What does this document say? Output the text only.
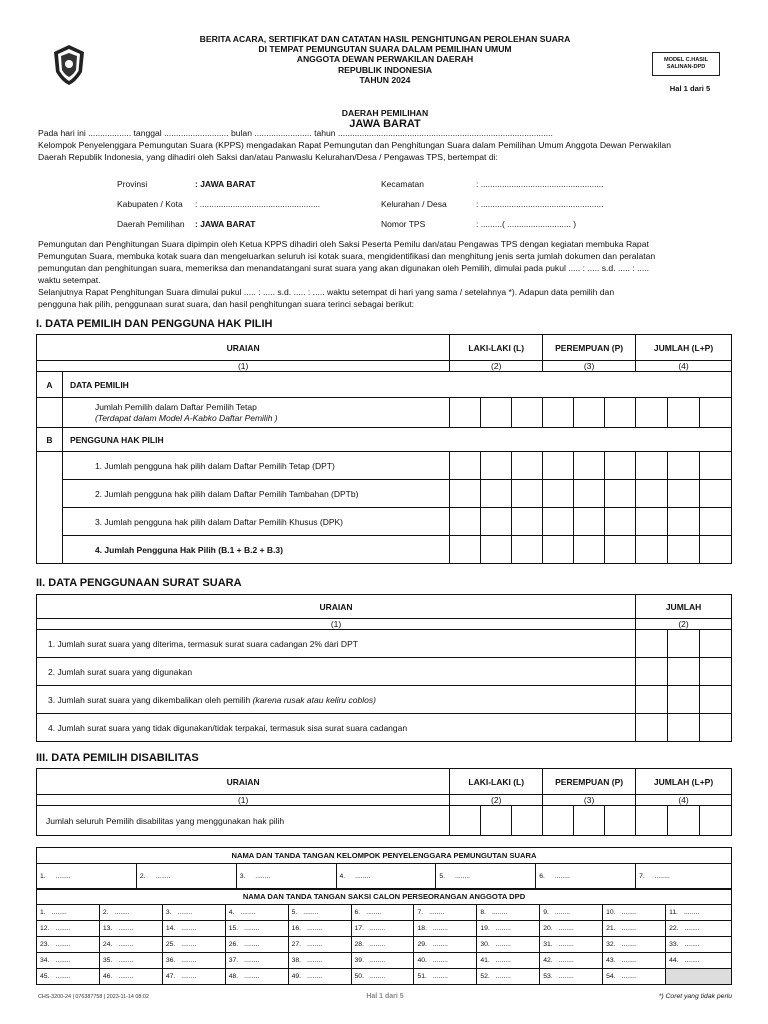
BERITA ACARA, SERTIFIKAT DAN CATATAN HASIL PENGHITUNGAN PEROLEHAN SUARA
DI TEMPAT PEMUNGUTAN SUARA DALAM PEMILIHAN UMUM
ANGGOTA DEWAN PERWAKILAN DAERAH
REPUBLIK INDONESIA
TAHUN 2024
DAERAH PEMILIHAN
JAWA BARAT
MODEL C.HASIL
SALINAN-DPD
Hal 1 dari 5
Pada hari ini .................. tanggal ........................... bulan ........................ tahun ..........................................................................................
Kelompok Penyelenggara Pemungutan Suara (KPPS) mengadakan Rapat Pemungutan dan Penghitungan Suara dalam Pemilihan Umum Anggota Dewan Perwakilan
Daerah Republik Indonesia, yang dihadiri oleh Saksi dan/atau Panwaslu Kelurahan/Desa / Pengawas TPS, bertempat di:
Provinsi	: JAWA BARAT
Kabupaten / Kota : ...................................................
Daerah Pemilihan : JAWA BARAT
Kecamatan	: ....................................................
Kelurahan / Desa	: ....................................................
Nomor TPS	: .........( ........................... )
Pemungutan dan Penghitungan Suara dipimpin oleh Ketua KPPS dihadiri oleh Saksi Peserta Pemilu dan/atau Pengawas TPS dengan kegiatan membuka Rapat
Pemungutan Suara, membuka kotak suara dan mengeluarkan seluruh isi kotak suara, mengidentifikasi dan menghitung jenis serta jumlah dokumen dan peralatan
pemungutan dan penghitungan suara, memeriksa dan menandatangani surat suara yang akan digunakan oleh Pemilih, dimulai pada pukul ..... : ..... s.d. ..... : .....
waktu setempat.
Selanjutnya Rapat Penghitungan Suara dimulai pukul ..... : ..... s.d. ..... : ..... waktu setempat di hari yang sama / setelahnya *). Adapun data pemilih dan
pengguna hak pilih, penggunaan surat suara, dan hasil penghitungan suara terinci sebagai berikut:
I. DATA PEMILIH DAN PENGGUNA HAK PILIH
URAIAN		LAKI-LAKI (L)			PEREMPUAN (P)			JUMLAH (L+P)		
(1)		(2)			(3)			(4)		
A	DATA PEMILIH									

	Jumlah Pemilih dalam Daftar Pemilih Tetap
(Terdapat dalam Model A-Kabko Daftar Pemilih )									

B	PENGGUNA HAK PILIH									
	1. Jumlah pengguna hak pilih dalam Daftar Pemilih Tetap (DPT)									
	2. Jumlah pengguna hak pilih dalam Daftar Pemilih Tambahan (DPTb)									
	3. Jumlah pengguna hak pilih dalam Daftar Pemilih Khusus (DPK)									
	4. Jumlah Pengguna Hak Pilih (B.1 + B.2 + B.3)									
II. DATA PENGGUNAAN SURAT SUARA
URAIAN	JUMLAH		
(1)	(2)		
1. Jumlah surat suara yang diterima, termasuk surat suara cadangan 2% dari DPT			
2. Jumlah surat suara yang digunakan			
3. Jumlah surat suara yang dikembalikan oleh pemilih (karena rusak atau keliru coblos)			
4. Jumlah surat suara yang tidak digunakan/tidak terpakai, termasuk sisa surat suara cadangan			
III. DATA PEMILIH DISABILITAS
URAIAN	LAKI-LAKI (L)			PEREMPUAN (P)			JUMLAH (L+P)		
(1)	(2)			(3)			(4)		
Jumlah seluruh Pemilih disabilitas yang menggunakan hak pilih									
NAMA DAN TANDA TANGAN KELOMPOK PENYELENGGARA PEMUNGUTAN SUARA
1. ........	2. ........	3. ........	4. ........	5. ........	6. ........	7. ........
NAMA DAN TANDA TANGAN SAKSI CALON PERSEORANGAN ANGGOTA DPD										
1. ........	2. ........	3. ........	4. ........	5. ........	6. ........	7. ........	8. ........	9. ........	10. ........	11. ........
12. ........	13. ........	14. ........	15. ........	16. ........	17. ........	18. ........	19. ........	20. ........	21. ........	22. ........
23. ........	24. ........	25. ........	26. ........	27. ........	28. ........	29. ........	30. ........	31. ........	32. ........	33. ........
34. ........	35. ........	36. ........	37. ........	38. ........	39. ........	40. ........	41. ........	42. ........	43. ........	44. ........
45. ........	46. ........	47. ........	48. ........	49. ........	50. ........	51. ........	52. ........	53. ........	54. ........	
CHS-3200-24 | 076387758 | 2023-11-14 08:02	Hal 1 dari 5	*) Coret yang tidak perlu
